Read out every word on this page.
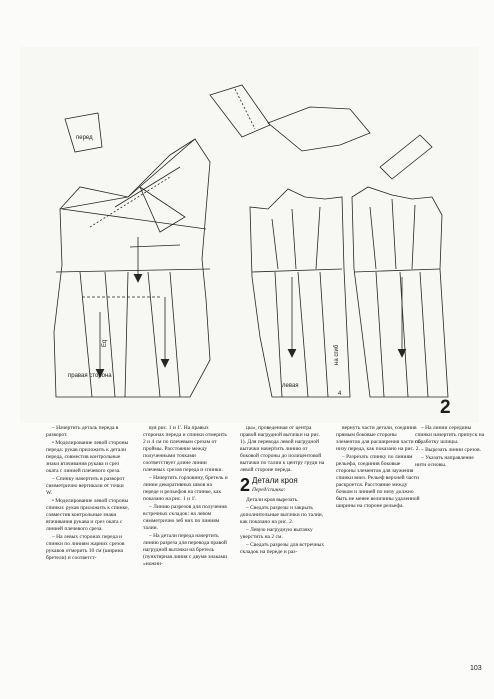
перед
правая сторона
левая
4
на сгиб
Eq
2

– Начертить деталь переда в разворот.

• Моделирование левой стороны переда: рукав приложить к детали переда, совместив контрольные знаки втачивания рукава и срез оката с линией плечевого среза.

– Спинку начертить в разворот симметрично вертикали от точки W.

• Моделирование левой стороны спинки: рукав приложить к спинке, совместив контрольные знаки втачивания рукава и срез оката с линией плечевого среза.

– На левых сторонах переда и спинки по линиям жарних срезов рукавов отмерить 10 см (ширина бретели) и соответст-

вуя рис. 1 и 1'. На правых сторонах переда и спинки отмерить 2 и 4 см по плечевым срезам от проймы. Расстояние между полученными точками соответствует длине линии плечевых срезов переда и спинки.

– Начертить горловину, бретель и линии декоративных швов на переде и рельефов на спинке, как показано на рис. 1 и 1'.

– Линию разрезов для получения встречных складок: на левом симметрично зеб них по линиям талии.

– На детали переда начертить линию разреза для перевода правой нагрудной вытачки на бретель (пунктирная линия с двумя знаками «ножни-

цы», проведенная от центра правой нагрудной вытачки на рис. 1). Для перевода левой нагрудной вытачки начертить линию от боковой стороны до полицентовой вытачки по талии к центру груди на левой стороне переда.

2 Детали кроя
Перед/спинка:

Детали кроя вырезать.

– Сведать разрезы и закрыть дополнительные вытачки по талии, как показано на рис. 2.

– Левую нагрудную вытачку уверстить на 2 см.

– Сведать разрезы для встречных складок на переде и раз-

вернуть части детали, соединив прямым боковые стороны элементов для расширения части по низу переда, как показано на рис. 2.

– Разрезать спинку по линиям рельефа, соединив боковые стороны элементов для заужения спинки вниз. Рельеф верхней части раскроется. Расстояние между бочком и линией по низу должно быть не менее величины удаленной ширины на стороне рельефа.

– На линии середины спинки начертить припуск на обработку шлицы.

– Вырезать линии срезов.

– Указать направление нити основы.

103
